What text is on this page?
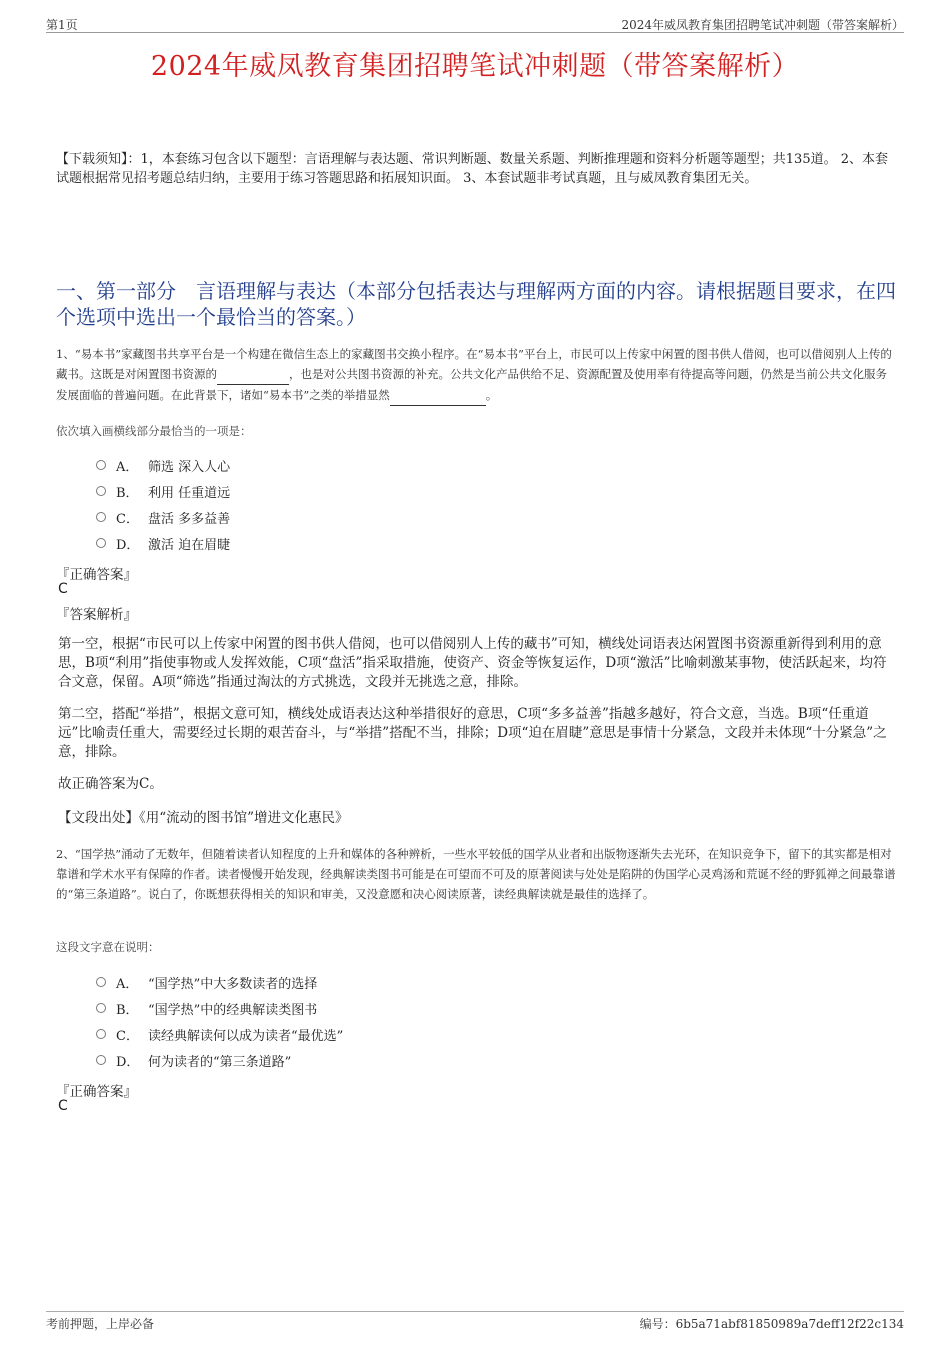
第1页	2024年威凤教育集团招聘笔试冲刺题（带答案解析）
2024年威凤教育集团招聘笔试冲刺题（带答案解析）
【下载须知】：1，本套练习包含以下题型：言语理解与表达题、常识判断题、数量关系题、判断推理题和资料分析题等题型；共135道。 2、本套试题根据常见招考题总结归纳，主要用于练习答题思路和拓展知识面。 3、本套试题非考试真题，且与威凤教育集团无关。
一、第一部分　言语理解与表达（本部分包括表达与理解两方面的内容。请根据题目要求，在四个选项中选出一个最恰当的答案。）
1、“易本书”家藏图书共享平台是一个构建在微信生态上的家藏图书交换小程序。在“易本书”平台上，市民可以上传家中闲置的图书供人借阅，也可以借阅别人上传的藏书。这既是对闲置图书资源的	，也是对公共图书资源的补充。公共文化产品供给不足、资源配置及使用率有待提高等问题，仍然是当前公共文化服务发展面临的普遍问题。在此背景下，诸如“易本书”之类的举措显然	。
依次填入画横线部分最恰当的一项是：
A． 筛选 深入人心
B． 利用 任重道远
C． 盘活 多多益善
D． 激活 迫在眉睫
『正确答案』
C
『答案解析』
第一空，根据“市民可以上传家中闲置的图书供人借阅，也可以借阅别人上传的藏书”可知，横线处词语表达闲置图书资源重新得到利用的意思，B项“利用”指使事物或人发挥效能，C项“盘活”指采取措施，使资产、资金等恢复运作，D项“激活”比喻刺激某事物，使活跃起来，均符合文意，保留。A项“筛选”指通过淘汰的方式挑选，文段并无挑选之意，排除。
第二空，搭配“举措”，根据文意可知，横线处成语表达这种举措很好的意思，C项“多多益善”指越多越好，符合文意，当选。B项“任重道远”比喻责任重大，需要经过长期的艰苦奋斗，与“举措”搭配不当，排除；D项“迫在眉睫”意思是事情十分紧急，文段并未体现“十分紧急”之意，排除。
故正确答案为C。
【文段出处】《用“流动的图书馆”增进文化惠民》
2、“国学热”涌动了无数年，但随着读者认知程度的上升和媒体的各种辨析，一些水平较低的国学从业者和出版物逐渐失去光环，在知识竞争下，留下的其实都是相对靠谱和学术水平有保障的作者。读者慢慢开始发现，经典解读类图书可能是在可望而不可及的原著阅读与处处是陷阱的伪国学心灵鸡汤和荒诞不经的野狐禅之间最靠谱的“第三条道路”。说白了，你既想获得相关的知识和审美，又没意愿和决心阅读原著，读经典解读就是最佳的选择了。
这段文字意在说明：
A． “国学热”中大多数读者的选择
B． “国学热”中的经典解读类图书
C． 读经典解读何以成为读者“最优选”
D． 何为读者的“第三条道路”
『正确答案』
C
考前押题，上岸必备	编号：6b5a71abf81850989a7deff12f22c134
